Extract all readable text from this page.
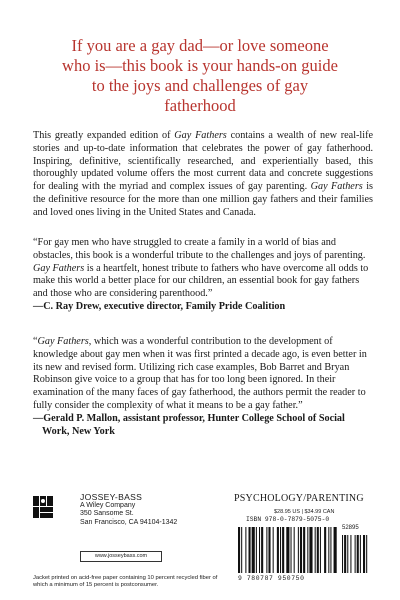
If you are a gay dad—or love someone who is—this book is your hands-on guide to the joys and challenges of gay fatherhood
This greatly expanded edition of Gay Fathers contains a wealth of new real-life stories and up-to-date information that celebrates the power of gay fatherhood. Inspiring, definitive, scientifically researched, and experientially based, this thoroughly updated volume offers the most current data and concrete suggestions for dealing with the myriad and complex issues of gay parenting. Gay Fathers is the definitive resource for the more than one million gay fathers and their families and loved ones living in the United States and Canada.
“For gay men who have struggled to create a family in a world of bias and obstacles, this book is a wonderful tribute to the challenges and joys of parenting. Gay Fathers is a heartfelt, honest tribute to fathers who have overcome all odds to make this world a better place for our children, an essential book for gay fathers and those who are considering parenthood.”
—C. Ray Drew, executive director, Family Pride Coalition
“Gay Fathers, which was a wonderful contribution to the development of knowledge about gay men when it was first printed a decade ago, is even better in its new and revised form. Utilizing rich case examples, Bob Barret and Bryan Robinson give voice to a group that has for too long been ignored. In their examination of the many faces of gay fatherhood, the authors permit the reader to fully consider the complexity of what it means to be a gay father.”
—Gerald P. Mallon, assistant professor, Hunter College School of Social Work, New York
JOSSEY-BASS
A Wiley Company
350 Sansome St.
San Francisco, CA 94104-1342
www.josseybass.com
PSYCHOLOGY/PARENTING
$28.95 US | $34.99 CAN
ISBN 978-0-7879-5075-0
52895
9 780787 950750
Jacket printed on acid-free paper containing 10 percent recycled fiber of which a minimum of 15 percent is postconsumer.
